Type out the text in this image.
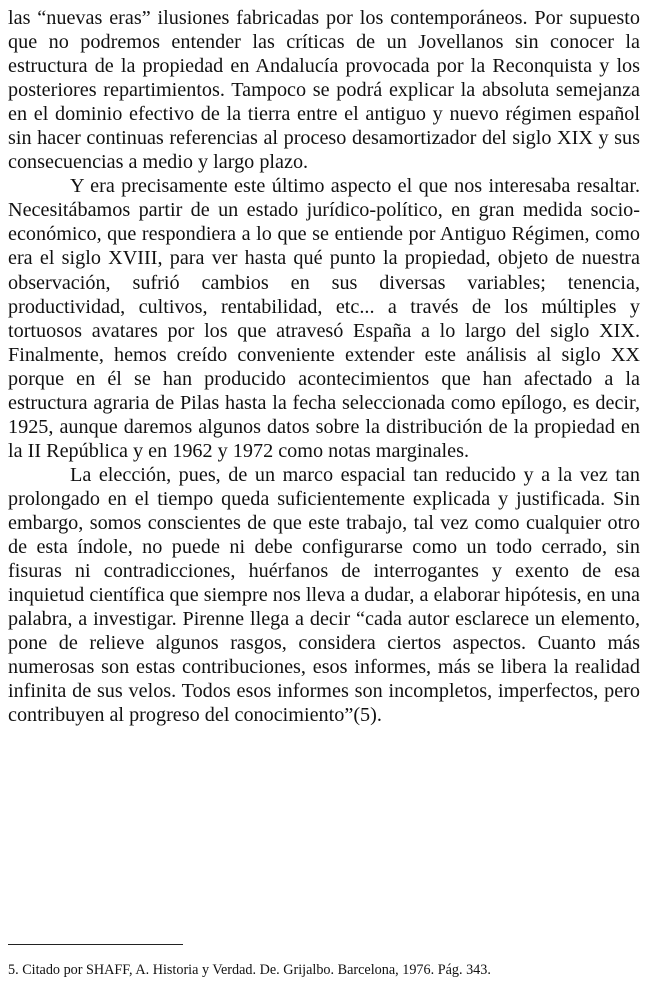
las “nuevas eras” ilusiones fabricadas por los contemporáneos. Por supuesto que no podremos entender las críticas de un Jovellanos sin conocer la estructura de la propiedad en Andalucía provocada por la Reconquista y los posteriores repartimientos. Tampoco se podrá explicar la absoluta semejanza en el dominio efectivo de la tierra entre el antiguo y nuevo régimen español sin hacer continuas referencias al proceso desamortizador del siglo XIX y sus consecuencias a medio y largo plazo.

Y era precisamente este último aspecto el que nos interesaba resaltar. Necesitábamos partir de un estado jurídico-político, en gran medida socio-económico, que respondiera a lo que se entiende por Antiguo Régimen, como era el siglo XVIII, para ver hasta qué punto la propiedad, objeto de nuestra observación, sufrió cambios en sus diversas variables; tenencia, productividad, cultivos, rentabilidad, etc... a través de los múltiples y tortuosos avatares por los que atravesó España a lo largo del siglo XIX. Finalmente, hemos creído conveniente extender este análisis al siglo XX porque en él se han producido acontecimientos que han afectado a la estructura agraria de Pilas hasta la fecha seleccionada como epílogo, es decir, 1925, aunque daremos algunos datos sobre la distribución de la propiedad en la II República y en 1962 y 1972 como notas marginales.

La elección, pues, de un marco espacial tan reducido y a la vez tan prolongado en el tiempo queda suficientemente explicada y justificada. Sin embargo, somos conscientes de que este trabajo, tal vez como cualquier otro de esta índole, no puede ni debe configurarse como un todo cerrado, sin fisuras ni contradicciones, huérfanos de interrogantes y exento de esa inquietud científica que siempre nos lleva a dudar, a elaborar hipótesis, en una palabra, a investigar. Pirenne llega a decir “cada autor esclarece un elemento, pone de relieve algunos rasgos, considera ciertos aspectos. Cuanto más numerosas son estas contribuciones, esos informes, más se libera la realidad infinita de sus velos. Todos esos informes son incompletos, imperfectos, pero contribuyen al progreso del conocimiento”(5).

5. Citado por SHAFF, A. Historia y Verdad. De. Grijalbo. Barcelona, 1976. Pág. 343.
